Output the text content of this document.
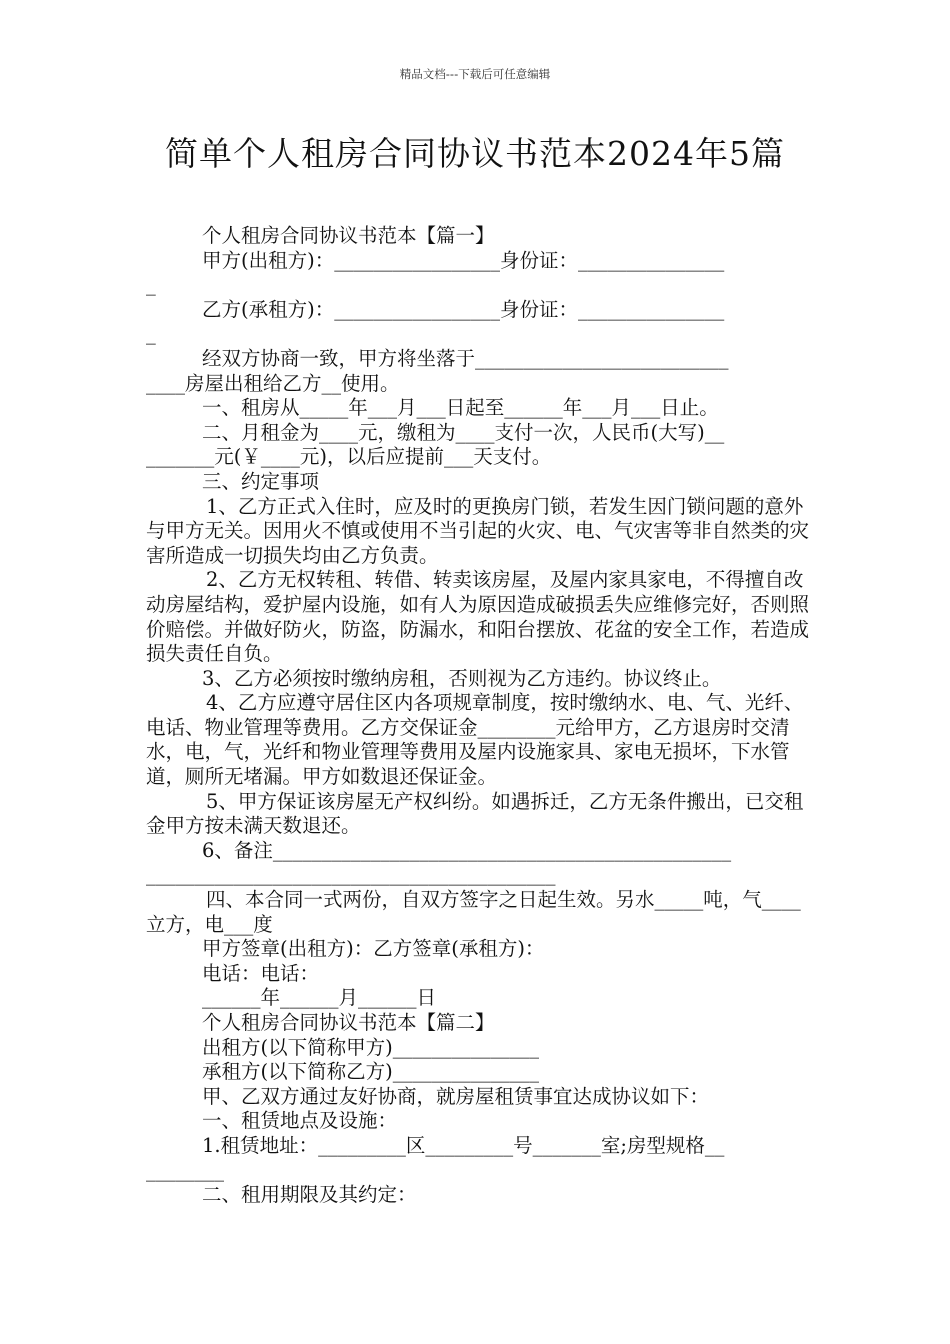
精品文档---下载后可任意编辑
简单个人租房合同协议书范本2024年5篇

个人租房合同协议书范本【篇一】

甲方(出租方)：_________________身份证：_______________

_

乙方(承租方)：_________________身份证：_______________

_

经双方协商一致，甲方将坐落于__________________________

____房屋出租给乙方__使用。

一、租房从_____年___月___日起至______年___月___日止。

二、月租金为____元，缴租为____支付一次，人民币(大写)__

_______元(￥____元)，以后应提前___天支付。

三、约定事项

1、乙方正式入住时，应及时的更换房门锁，若发生因门锁问题的意外与甲方无关。因用火不慎或使用不当引起的火灾、电、气灾害等非自然类的灾害所造成一切损失均由乙方负责。

2、乙方无权转租、转借、转卖该房屋，及屋内家具家电，不得擅自改动房屋结构，爱护屋内设施，如有人为原因造成破损丢失应维修完好，否则照价赔偿。并做好防火，防盗，防漏水，和阳台摆放、花盆的安全工作，若造成损失责任自负。

3、乙方必须按时缴纳房租，否则视为乙方违约。协议终止。

4、乙方应遵守居住区内各项规章制度，按时缴纳水、电、气、光纤、电话、物业管理等费用。乙方交保证金________元给甲方，乙方退房时交清水，电，气，光纤和物业管理等费用及屋内设施家具、家电无损坏，下水管道，厕所无堵漏。甲方如数退还保证金。

5、甲方保证该房屋无产权纠纷。如遇拆迁，乙方无条件搬出，已交租金甲方按未满天数退还。

6、备注_______________________________________________

__________________________________________

四、本合同一式两份，自双方签字之日起生效。另水_____吨，气____立方，电___度

甲方签章(出租方)：乙方签章(承租方)：

电话：电话：

______年______月______日

个人租房合同协议书范本【篇二】

出租方(以下简称甲方)_______________

承租方(以下简称乙方)_______________

甲、乙双方通过友好协商，就房屋租赁事宜达成协议如下：

一、租赁地点及设施：

1.租赁地址：_________区_________号_______室;房型规格__

________

二、租用期限及其约定：
